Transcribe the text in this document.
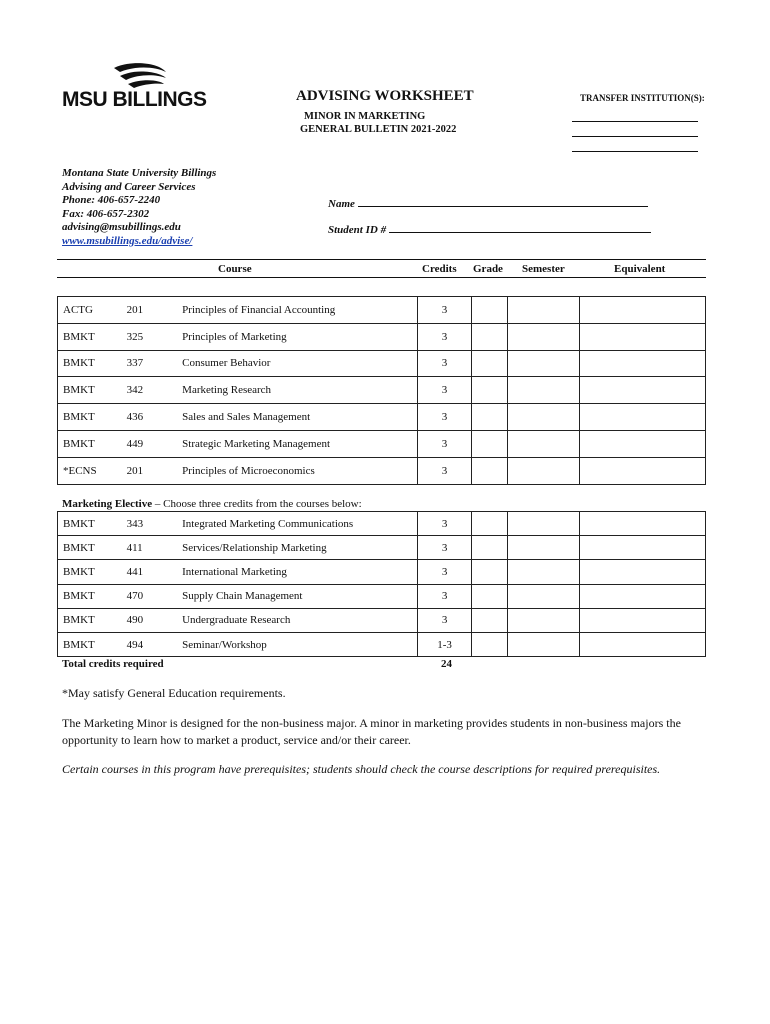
MSU BILLINGS	ADVISING WORKSHEET
MINOR IN MARKETING
GENERAL BULLETIN 2021-2022
TRANSFER INSTITUTION(S):
Montana State University Billings
Advising and Career Services
Phone: 406-657-2240
Fax: 406-657-2302
advising@msubillings.edu
www.msubillings.edu/advise/
Name
Student ID #
Course	Credits Grade Semester	Equivalent
ACTG	201	Principles of Financial Accounting	3			
BMKT	325	Principles of Marketing	3			
BMKT	337	Consumer Behavior	3			
BMKT	342	Marketing Research	3			
BMKT	436	Sales and Sales Management	3			
BMKT	449	Strategic Marketing Management	3			
*ECNS	201	Principles of Microeconomics	3			
Marketing Elective – Choose three credits from the courses below:
BMKT	343	Integrated Marketing Communications	3			
BMKT	411	Services/Relationship Marketing	3			
BMKT	441	International Marketing	3			
BMKT	470	Supply Chain Management	3			
BMKT	490	Undergraduate Research	3			
BMKT	494	Seminar/Workshop	1-3			
Total credits required	24
*May satisfy General Education requirements.
The Marketing Minor is designed for the non-business major. A minor in marketing provides students in non-business majors the opportunity to learn how to market a product, service and/or their career.
Certain courses in this program have prerequisites; students should check the course descriptions for required prerequisites.
